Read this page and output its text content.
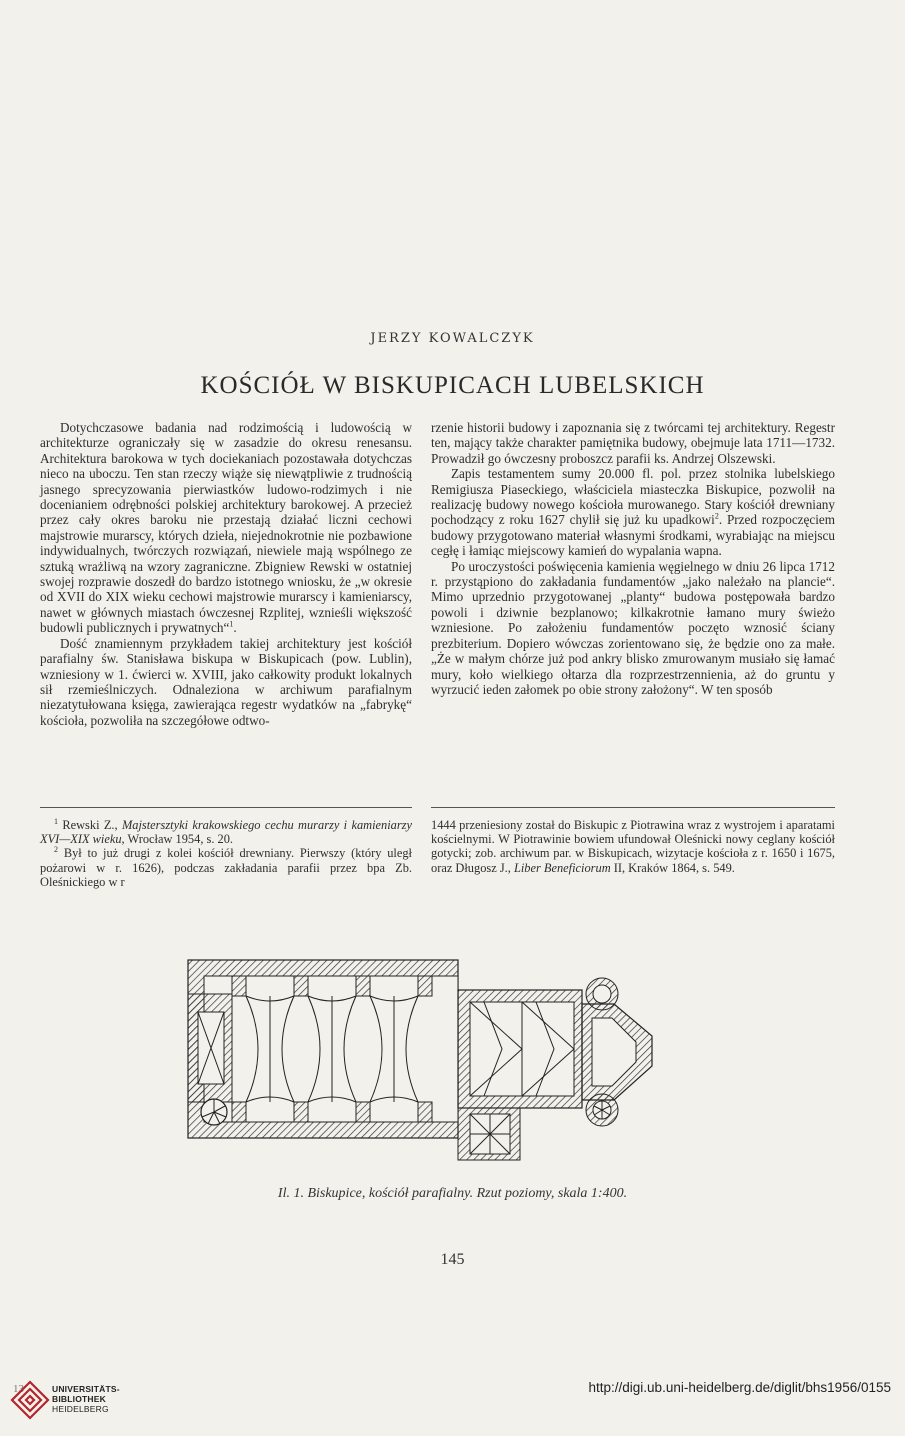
JERZY KOWALCZYK
KOŚCIÓŁ W BISKUPICACH LUBELSKICH

Dotychczasowe badania nad rodzimością i ludowością w architekturze ograniczały się w zasadzie do okresu renesansu. Architektura barokowa w tych dociekaniach pozostawała dotychczas nieco na uboczu. Ten stan rzeczy wiąże się niewątpliwie z trudnością jasnego sprecyzowania pierwiastków ludowo-rodzimych i nie docenianiem odrębności polskiej architektury barokowej. A przecież przez cały okres baroku nie przestają działać liczni cechowi majstrowie murarscy, których dzieła, niejednokrotnie nie pozbawione indywidualnych, twórczych rozwiązań, niewiele mają wspólnego ze sztuką wrażliwą na wzory zagraniczne. Zbigniew Rewski w ostatniej swojej rozprawie doszedł do bardzo istotnego wniosku, że „w okresie od XVII do XIX wieku cechowi majstrowie murarscy i kamieniarscy, nawet w głównych miastach ówczesnej Rzplitej, wznieśli większość budowli publicznych i prywatnych“$^1$.

Dość znamiennym przykładem takiej architektury jest kościół parafialny św. Stanisława biskupa w Biskupicach (pow. Lublin), wzniesiony w 1. ćwierci w. XVIII, jako całkowity produkt lokalnych sił rzemieślniczych. Odnaleziona w archiwum parafialnym niezatytułowana księga, zawierająca regestr wydatków na „fabrykę“ kościoła, pozwoliła na szczegółowe odtwo-

rzenie historii budowy i zapoznania się z twórcami tej architektury. Regestr ten, mający także charakter pamiętnika budowy, obejmuje lata 1711—1732. Prowadził go ówczesny proboszcz parafii ks. Andrzej Olszewski.

Zapis testamentem sumy 20.000 fl. pol. przez stolnika lubelskiego Remigiusza Piaseckiego, właściciela miasteczka Biskupice, pozwolił na realizację budowy nowego kościoła murowanego. Stary kościół drewniany pochodzący z roku 1627 chylił się już ku upadkowi$^2$. Przed rozpoczęciem budowy przygotowano materiał własnymi środkami, wyrabiając na miejscu cegłę i łamiąc miejscowy kamień do wypalania wapna.

Po uroczystości poświęcenia kamienia węgielnego w dniu 26 lipca 1712 r. przystąpiono do zakładania fundamentów „jako należało na plancie“. Mimo uprzednio przygotowanej „planty“ budowa postępowała bardzo powoli i dziwnie bezplanowo; kilkakrotnie łamano mury świeżo wzniesione. Po założeniu fundamentów poczęto wznosić ściany prezbiterium. Dopiero wówczas zorientowano się, że będzie ono za małe. „Że w małym chórze już pod ankry blisko zmurowanym musiało się łamać mury, koło wielkiego ołtarza dla rozprzestrzennienia, aż do gruntu y wyrzucić ieden załomek po obie strony założony“. W ten sposób

$^1$ Rewski Z., Majstersztyki krakowskiego cechu murarzy i kamieniarzy XVI—XIX wieku, Wrocław 1954, s. 20.

$^2$ Był to już drugi z kolei kościół drewniany. Pierwszy (który uległ pożarowi w r. 1626), podczas zakładania parafii przez bpa Zb. Oleśnickiego w r

1444 przeniesiony został do Biskupic z Piotrawina wraz z wystrojem i aparatami kościelnymi. W Piotrawinie bowiem ufundował Oleśnicki nowy ceglany kościół gotycki; zob. archiwum par. w Biskupicach, wizytacje kościoła z r. 1650 i 1675, oraz Długosz J., Liber Beneficiorum II, Kraków 1864, s. 549.

Il. 1. Biskupice, kościół parafialny. Rzut poziomy, skala 1:400.
145
13	UNIVERSITÄTS-
BIBLIOTHEK
HEIDELBERG
http://digi.ub.uni-heidelberg.de/diglit/bhs1956/0155
